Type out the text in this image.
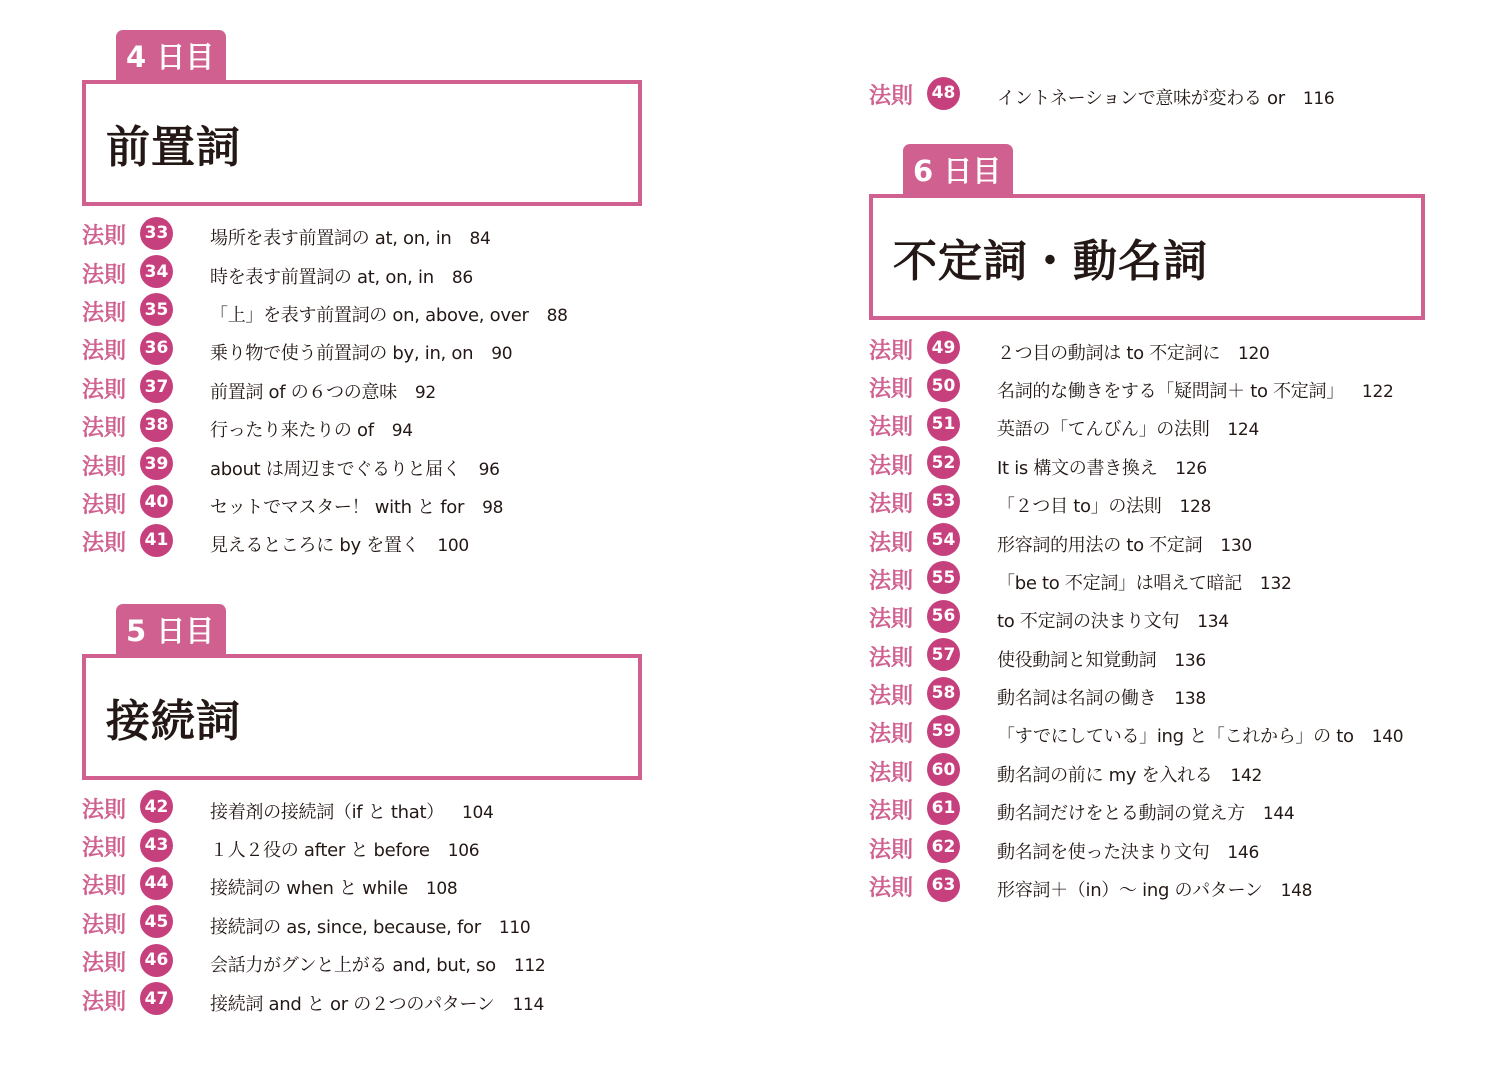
4 日目
前置詞
法則	33 場所を表す前置詞の at, on, in 84
法則	34 時を表す前置詞の at, on, in 86
法則	35 「上」を表す前置詞の on, above, over 88
法則	36 乗り物で使う前置詞の by, in, on 90
法則	37 前置詞 of の６つの意味 92
法則	38 行ったり来たりの of 94
法則	39 about は周辺までぐるりと届く 96
法則	40 セットでマスター！ with と for 98
法則	41 見えるところに by を置く 100
5 日目
接続詞
法則	42 接着剤の接続詞（if と that） 104
法則	43 １人２役の after と before 106
法則	44 接続詞の when と while 108
法則	45 接続詞の as, since, because, for 110
法則	46 会話力がグンと上がる and, but, so 112
法則	47 接続詞 and と or の２つのパターン 114
法則	48 イントネーションで意味が変わる or 116
6 日目
不定詞・動名詞
法則	49 ２つ目の動詞は to 不定詞に 120
法則	50 名詞的な働きをする「疑問詞＋ to 不定詞」 122
法則	51 英語の「てんびん」の法則 124
法則	52 It is 構文の書き換え 126
法則	53 「２つ目 to」の法則 128
法則	54 形容詞的用法の to 不定詞 130
法則	55 「be to 不定詞」は唱えて暗記 132
法則	56 to 不定詞の決まり文句 134
法則	57 使役動詞と知覚動詞 136
法則	58 動名詞は名詞の働き 138
法則	59 「すでにしている」ing と「これから」の to 140
法則	60 動名詞の前に my を入れる 142
法則	61 動名詞だけをとる動詞の覚え方 144
法則	62 動名詞を使った決まり文句 146
法則	63 形容詞＋（in）～ ing のパターン 148
